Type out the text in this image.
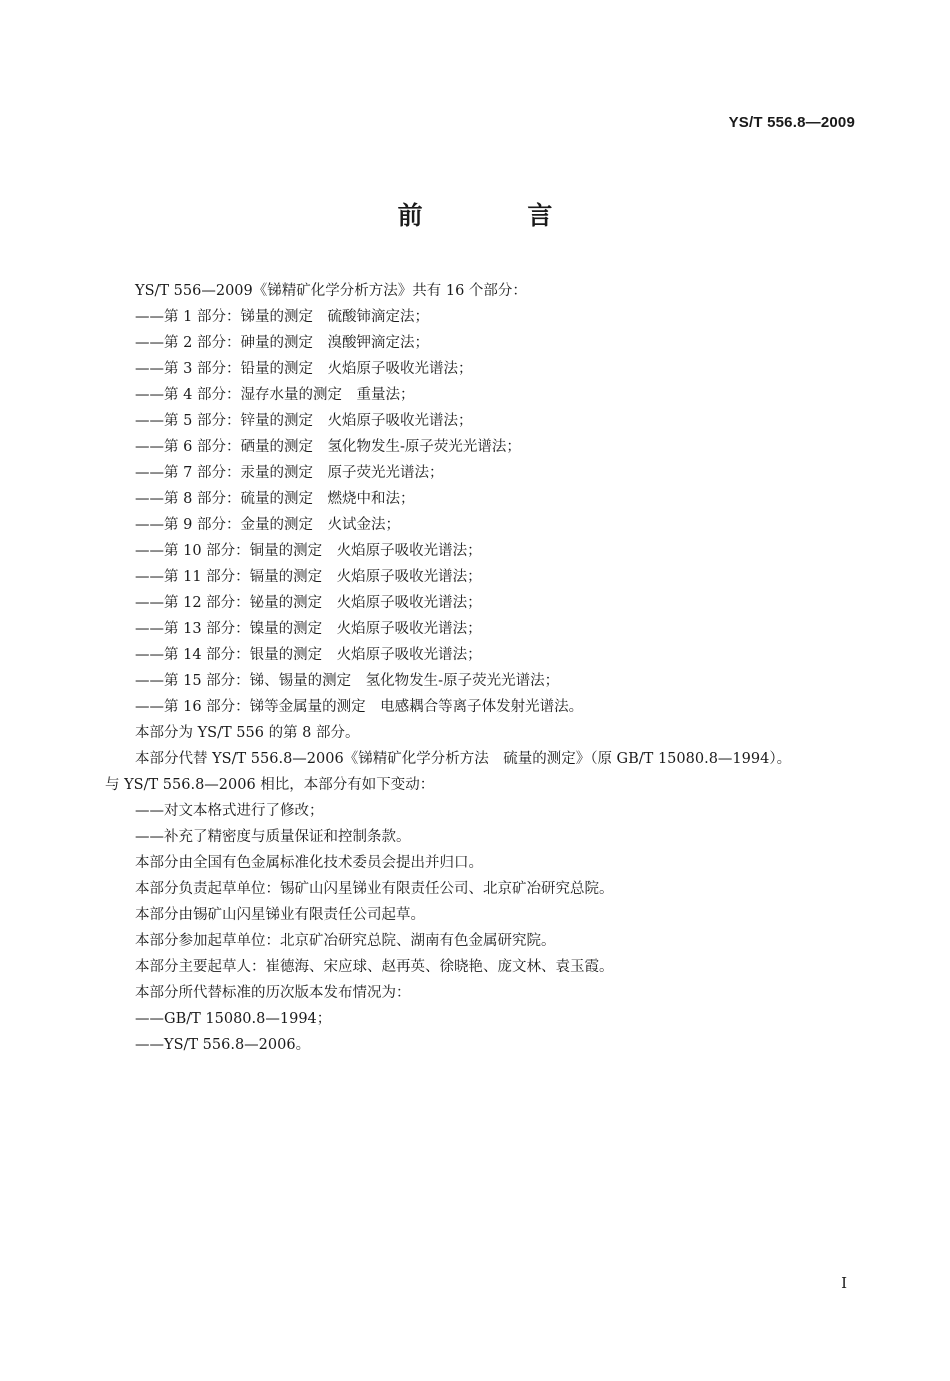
YS/T 556.8—2009
前 言
YS/T 556—2009《锑精矿化学分析方法》共有 16 个部分：
——第 1 部分：锑量的测定　硫酸铈滴定法；
——第 2 部分：砷量的测定　溴酸钾滴定法；
——第 3 部分：铅量的测定　火焰原子吸收光谱法；
——第 4 部分：湿存水量的测定　重量法；
——第 5 部分：锌量的测定　火焰原子吸收光谱法；
——第 6 部分：硒量的测定　氢化物发生-原子荧光光谱法；
——第 7 部分：汞量的测定　原子荧光光谱法；
——第 8 部分：硫量的测定　燃烧中和法；
——第 9 部分：金量的测定　火试金法；
——第 10 部分：铜量的测定　火焰原子吸收光谱法；
——第 11 部分：镉量的测定　火焰原子吸收光谱法；
——第 12 部分：铋量的测定　火焰原子吸收光谱法；
——第 13 部分：镍量的测定　火焰原子吸收光谱法；
——第 14 部分：银量的测定　火焰原子吸收光谱法；
——第 15 部分：锑、锡量的测定　氢化物发生-原子荧光光谱法；
——第 16 部分：锑等金属量的测定　电感耦合等离子体发射光谱法。
本部分为 YS/T 556 的第 8 部分。
本部分代替 YS/T 556.8—2006《锑精矿化学分析方法　硫量的测定》（原 GB/T 15080.8—1994）。
与 YS/T 556.8—2006 相比，本部分有如下变动：
——对文本格式进行了修改；
——补充了精密度与质量保证和控制条款。
本部分由全国有色金属标准化技术委员会提出并归口。
本部分负责起草单位：锡矿山闪星锑业有限责任公司、北京矿冶研究总院。
本部分由锡矿山闪星锑业有限责任公司起草。
本部分参加起草单位：北京矿冶研究总院、湖南有色金属研究院。
本部分主要起草人：崔德海、宋应球、赵再英、徐晓艳、庞文林、袁玉霞。
本部分所代替标准的历次版本发布情况为：
——GB/T 15080.8—1994；
——YS/T 556.8—2006。
I
